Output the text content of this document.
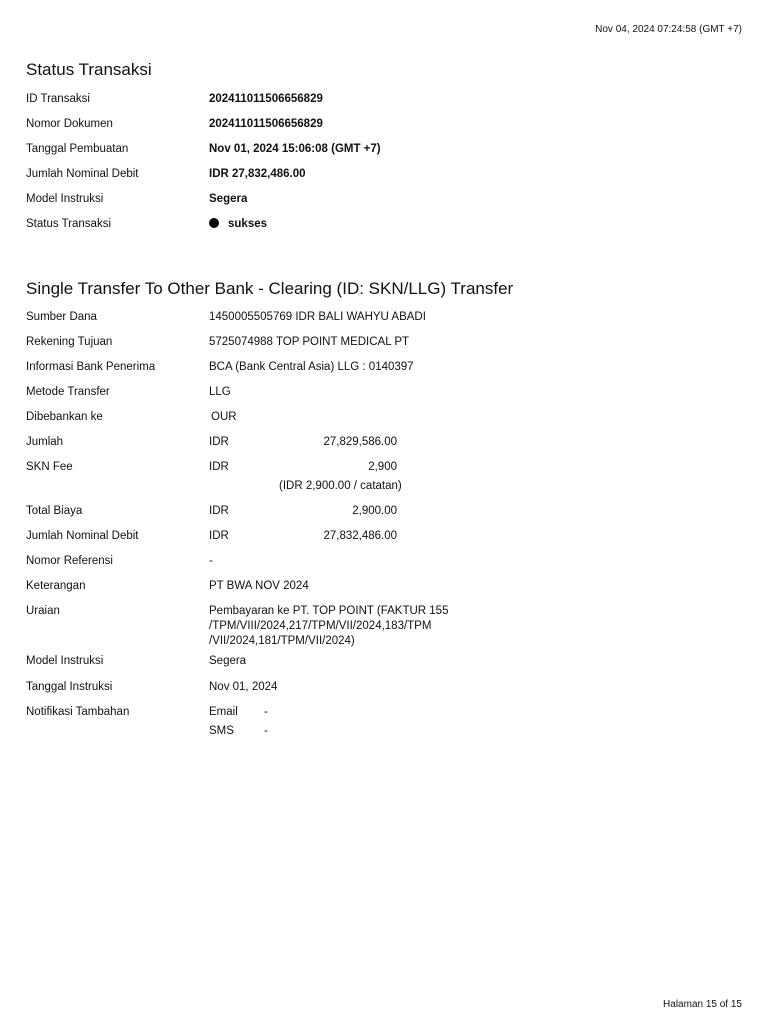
Nov 04, 2024 07:24:58 (GMT +7)
Status Transaksi
ID Transaksi	202411011506656829
Nomor Dokumen	202411011506656829
Tanggal Pembuatan	Nov 01, 2024 15:06:08 (GMT +7)
Jumlah Nominal Debit	IDR 27,832,486.00
Model Instruksi	Segera
Status Transaksi	sukses
Single Transfer To Other Bank - Clearing (ID: SKN/LLG) Transfer
Sumber Dana	1450005505769 IDR BALI WAHYU ABADI
Rekening Tujuan	5725074988 TOP POINT MEDICAL PT
Informasi Bank Penerima	BCA (Bank Central Asia) LLG : 0140397
Metode Transfer	LLG
Dibebankan ke	OUR
Jumlah	IDR	27,829,586.00
SKN Fee	IDR	2,900
(IDR 2,900.00 / catatan)
Total Biaya	IDR	2,900.00
Jumlah Nominal Debit	IDR	27,832,486.00
Nomor Referensi	-
Keterangan	PT BWA NOV 2024
Uraian	Pembayaran ke PT. TOP POINT (FAKTUR 155
/TPM/VIII/2024,217/TPM/VII/2024,183/TPM
/VII/2024,181/TPM/VII/2024)
Model Instruksi	Segera
Tanggal Instruksi	Nov 01, 2024
Notifikasi Tambahan	Email -
SMS	-
Halaman 15 of 15
